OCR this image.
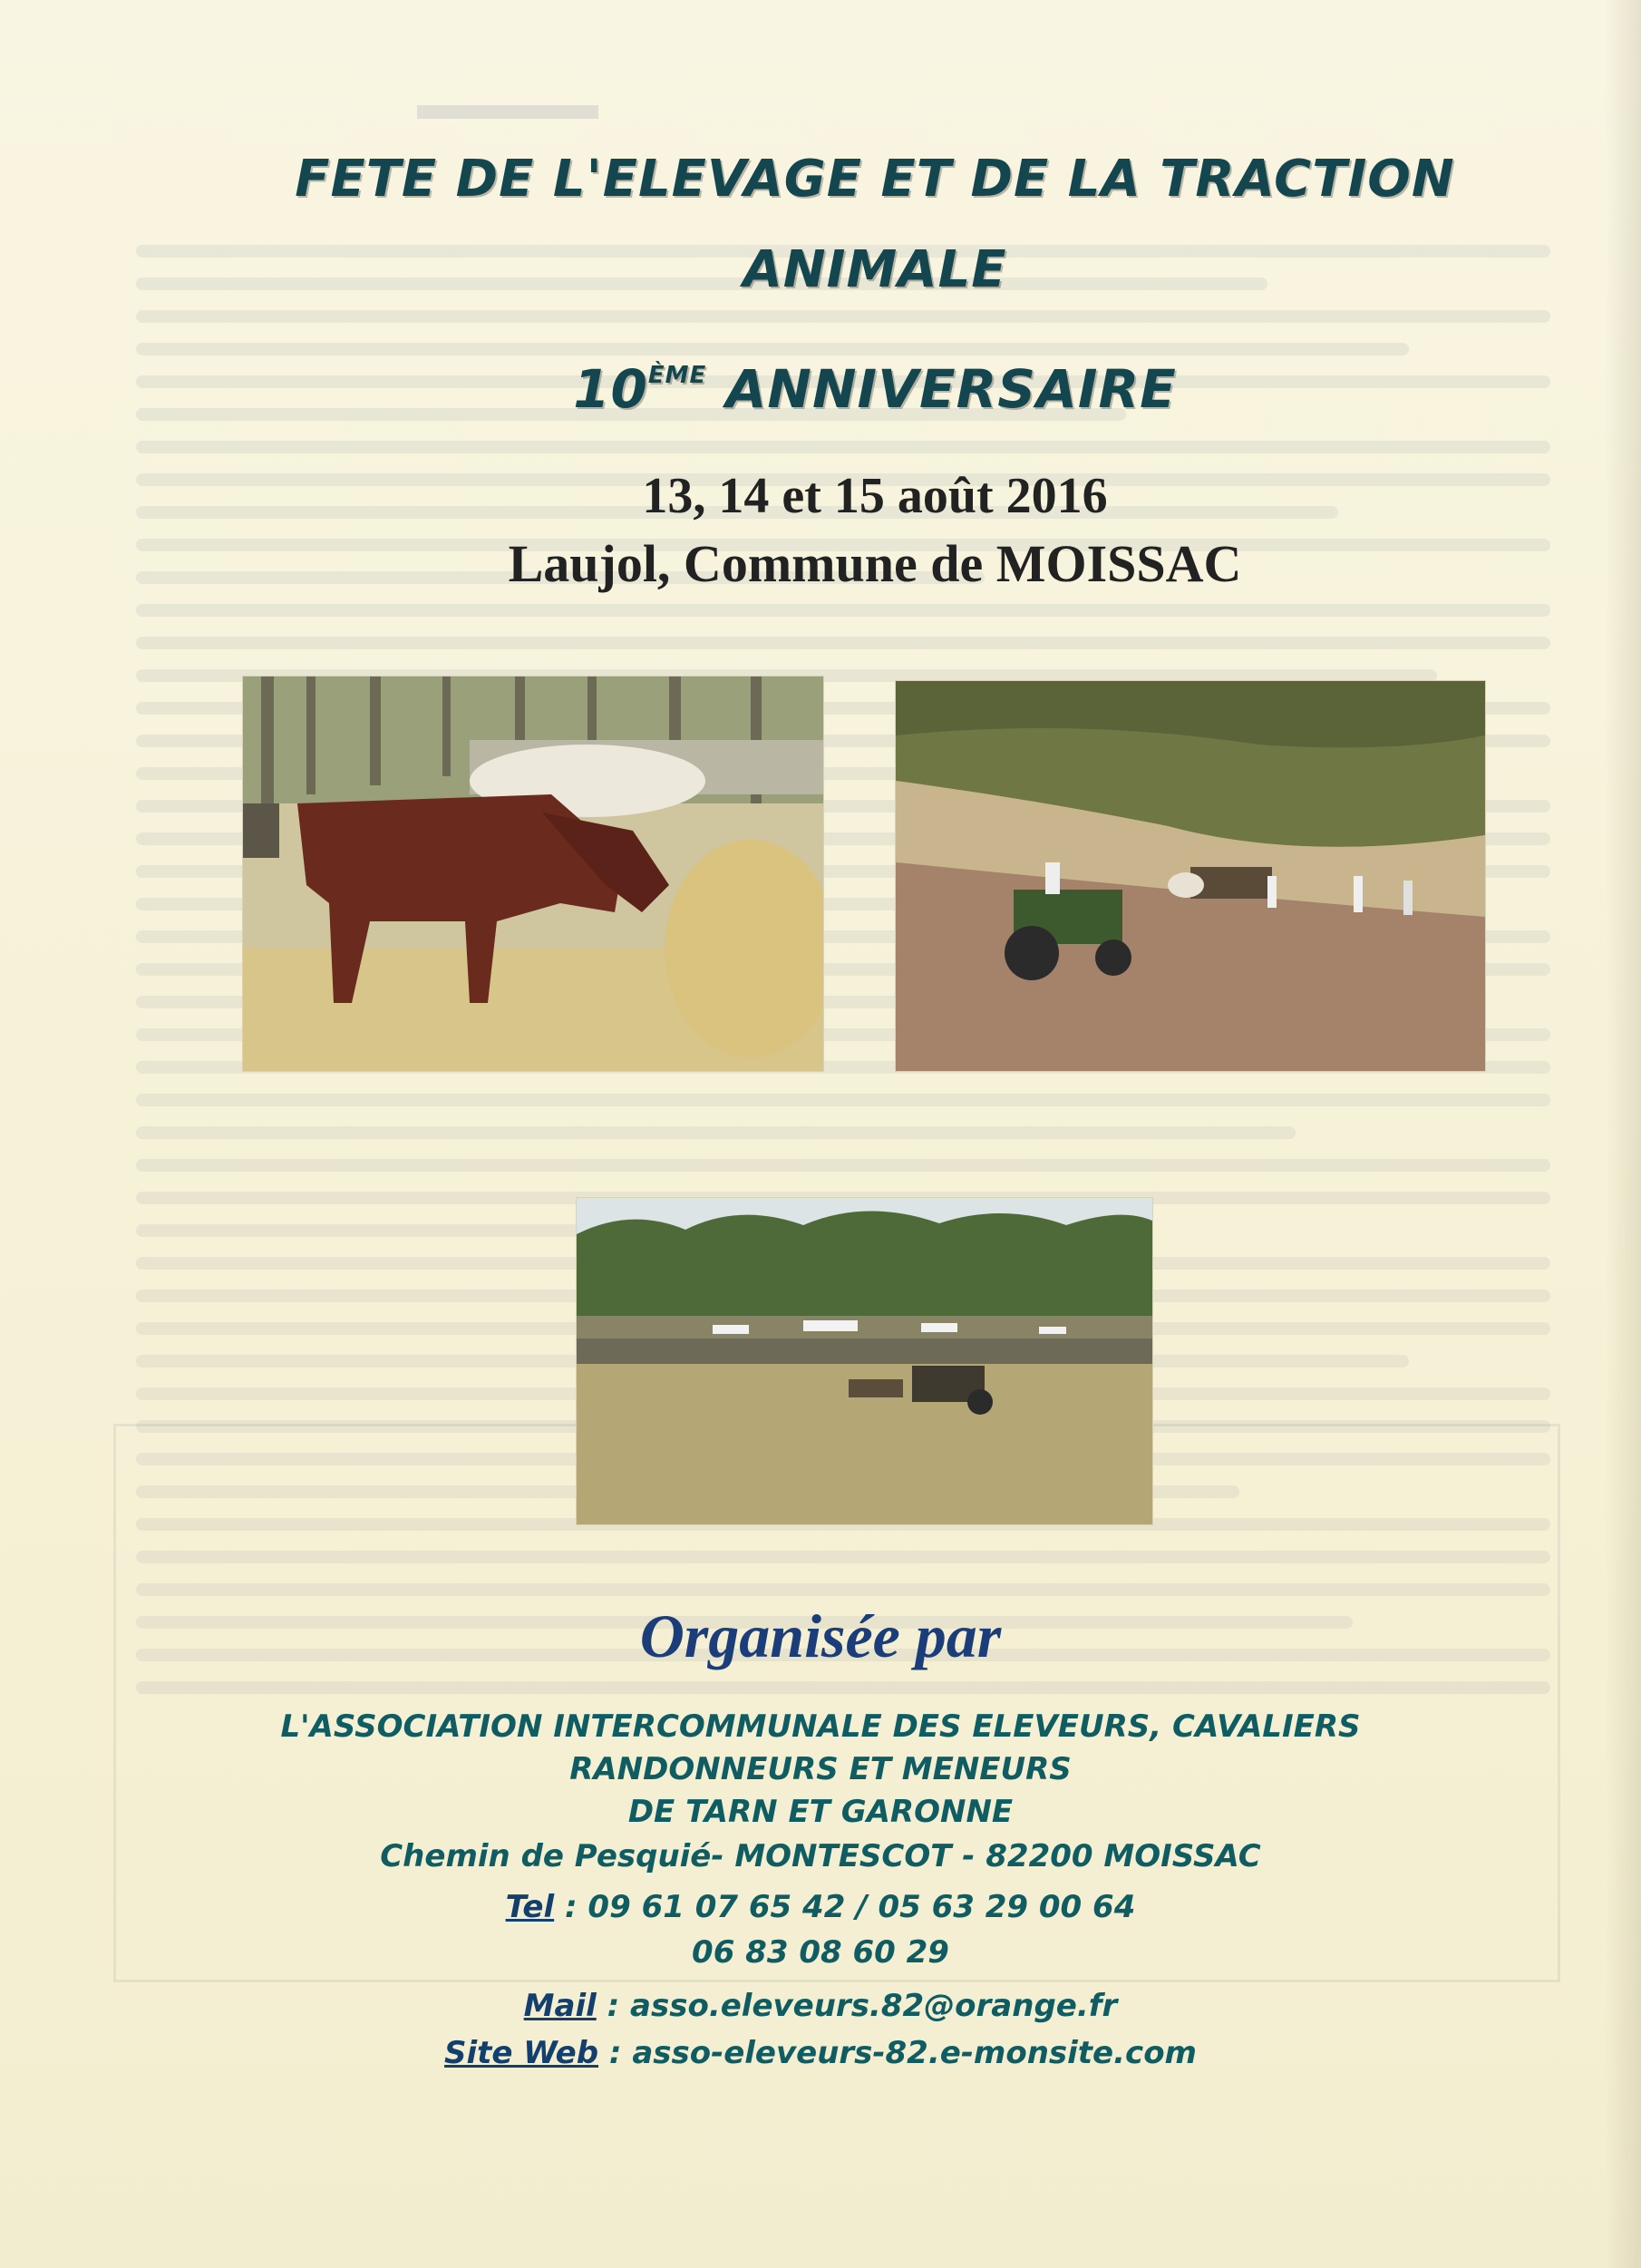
▬▬▬▬
FETE DE L'ELEVAGE ET DE LA TRACTION
ANIMALE
10ÈME ANNIVERSAIRE
13, 14 et 15 août 2016
Laujol, Commune de MOISSAC
Organisée par
L'ASSOCIATION INTERCOMMUNALE DES ELEVEURS, CAVALIERS
RANDONNEURS ET MENEURS
DE TARN ET GARONNE
Chemin de Pesquié- MONTESCOT - 82200 MOISSAC
Tel : 09 61 07 65 42 / 05 63 29 00 64
06 83 08 60 29
Mail : asso.eleveurs.82@orange.fr
Site Web : asso-eleveurs-82.e-monsite.com
